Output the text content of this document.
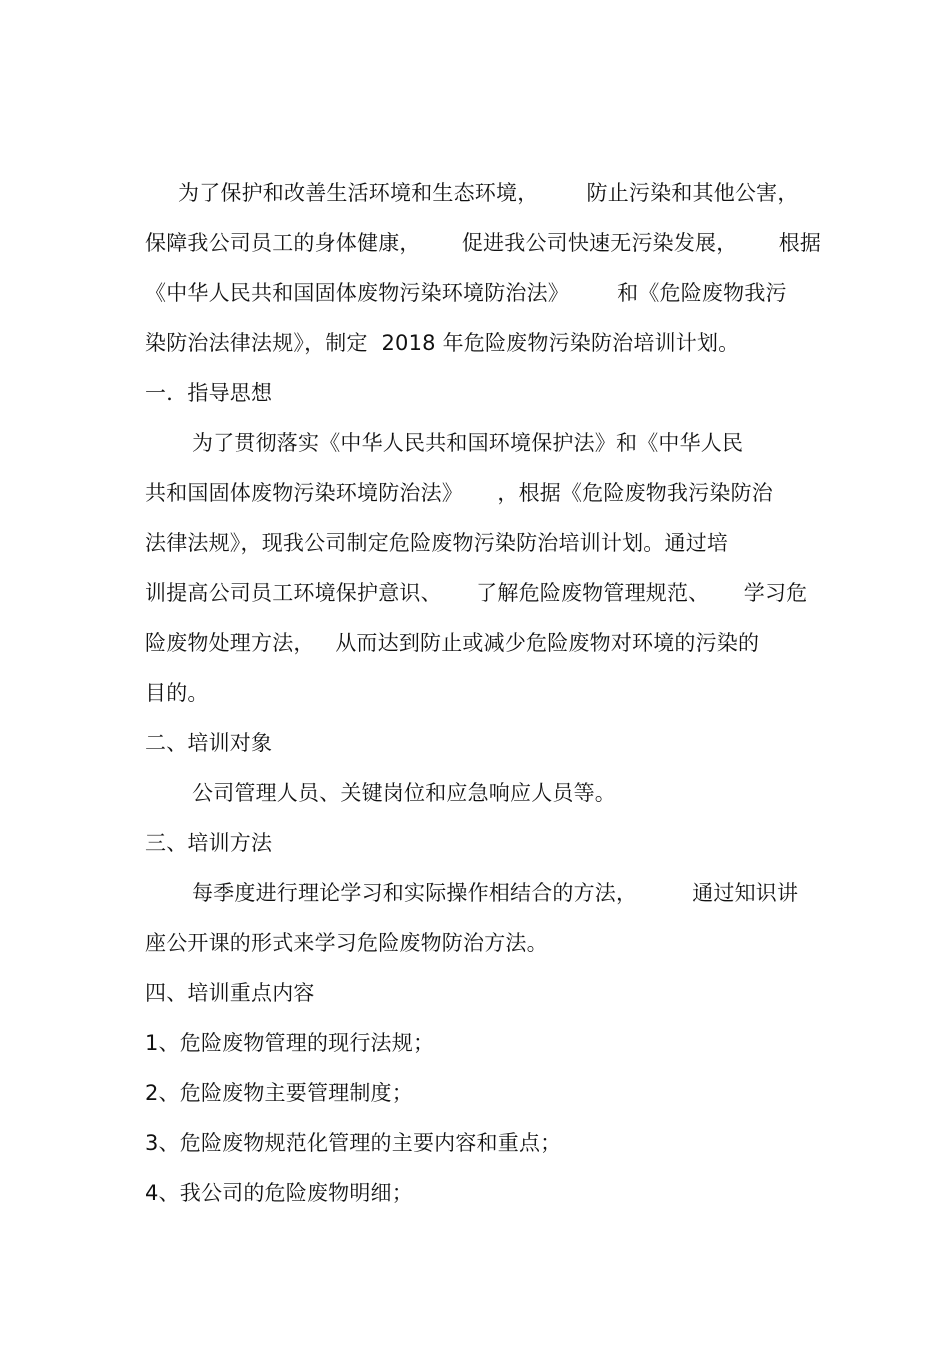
为了保护和改善生活环境和生态环境，       防止污染和其他公害，
保障我公司员工的身体健康，      促进我公司快速无污染发展，      根据
《中华人民共和国固体废物污染环境防治法》       和《危险废物我污
染防治法律法规》，制定  2018 年危险废物污染防治培训计划。
一．指导思想
为了贯彻落实《中华人民共和国环境保护法》和《中华人民
共和国固体废物污染环境防治法》     ，根据《危险废物我污染防治
法律法规》，现我公司制定危险废物污染防治培训计划。通过培
训提高公司员工环境保护意识、     了解危险废物管理规范、     学习危
险废物处理方法，   从而达到防止或减少危险废物对环境的污染的
目的。
二、培训对象
公司管理人员、关键岗位和应急响应人员等。
三、培训方法
每季度进行理论学习和实际操作相结合的方法，        通过知识讲
座公开课的形式来学习危险废物防治方法。
四、培训重点内容
1、危险废物管理的现行法规；
2、危险废物主要管理制度；
3、危险废物规范化管理的主要内容和重点；
4、我公司的危险废物明细；
